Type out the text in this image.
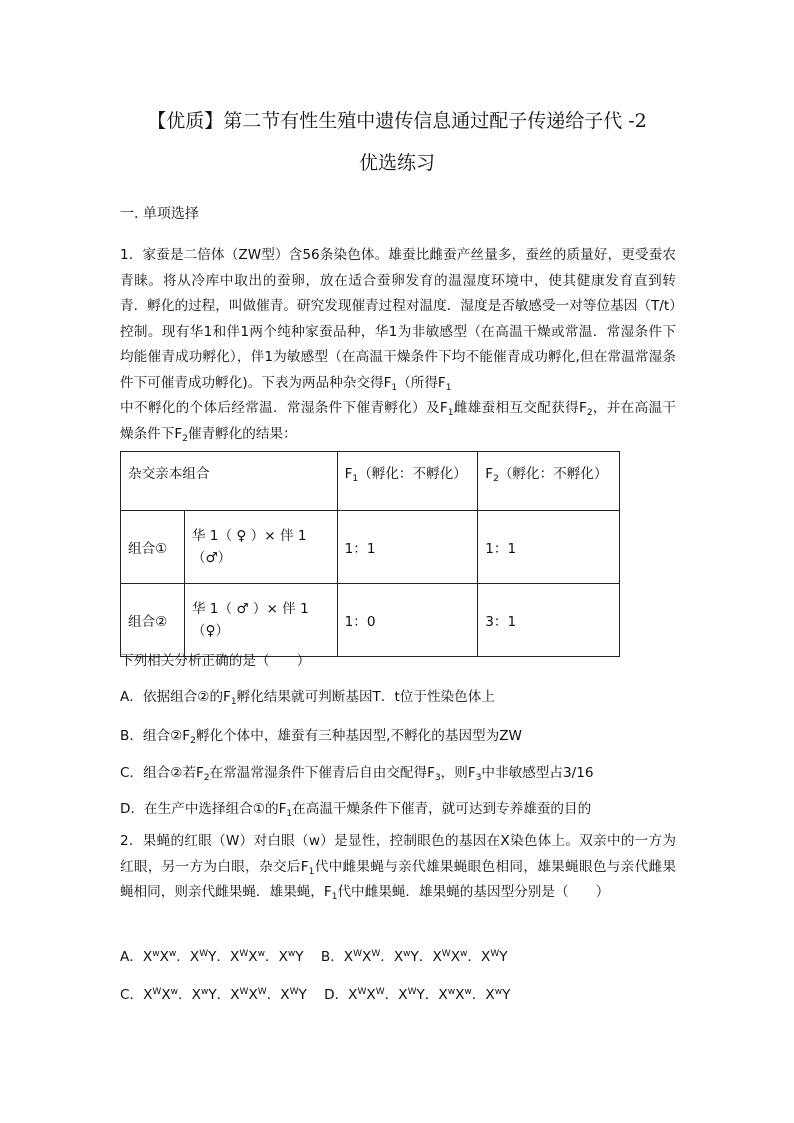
【优质】第二节有性生殖中遗传信息通过配子传递给子代 -2
优选练习
一. 单项选择
1．家蚕是二倍体（ZW型）含56条染色体。雄蚕比雌蚕产丝量多，蚕丝的质量好，更受蚕农青睐。将从冷库中取出的蚕卵，放在适合蚕卵发育的温湿度环境中，使其健康发育直到转青．孵化的过程，叫做催青。研究发现催青过程对温度．湿度是否敏感受一对等位基因（T/t）控制。现有华1和伴1两个纯种家蚕品种，华1为非敏感型（在高温干燥或常温．常湿条件下均能催青成功孵化），伴1为敏感型（在高温干燥条件下均不能催青成功孵化,但在常温常湿条件下可催青成功孵化)。下表为两品种杂交得$F_1$（所得$F_1$
中不孵化的个体后经常温．常湿条件下催青孵化）及$F_1$雌雄蚕相互交配获得$F_2$，并在高温干燥条件下$F_2$催青孵化的结果：
杂交亲本组合		$F_1$（孵化：不孵化）	$F_2$（孵化：不孵化）
组合①	华 1（ ♀ ）× 伴 1（♂）	1：1	1：1
组合②	华 1（ ♂ ）× 伴 1（♀）	1：0	3：1
下列相关分析正确的是（　　）
A．依据组合②的$F_1$孵化结果就可判断基因T．t位于性染色体上
B．组合$②F_2$孵化个体中，雄蚕有三种基因型,不孵化的基因型为ZW
C．组合②若$F_2$在常温常湿条件下催青后自由交配得$F_3$，则$F_3$中非敏感型占3/16
D．在生产中选择组合①的$F_1$在高温干燥条件下催青，就可达到专养雄蚕的目的
2．果蝇的红眼（W）对白眼（w）是显性，控制眼色的基因在X染色体上。双亲中的一方为红眼，另一方为白眼，杂交后$F_1$代中雌果蝇与亲代雄果蝇眼色相同，雄果蝇眼色与亲代雌果蝇相同，则亲代雌果蝇．雄果蝇，$F_1$代中雌果蝇．雄果蝇的基因型分别是（　　）
A．$X^wX^w$．$X^WY$．$X^WX^w$．$X^wY$ B．$X^WX^W$．$X^wY$．$X^WX^w$．$X^WY$
C．$X^WX^w$．$X^wY$．$X^WX^W$．$X^WY$ D．$X^WX^W$．$X^WY$．$X^wX^w$．$X^wY$
